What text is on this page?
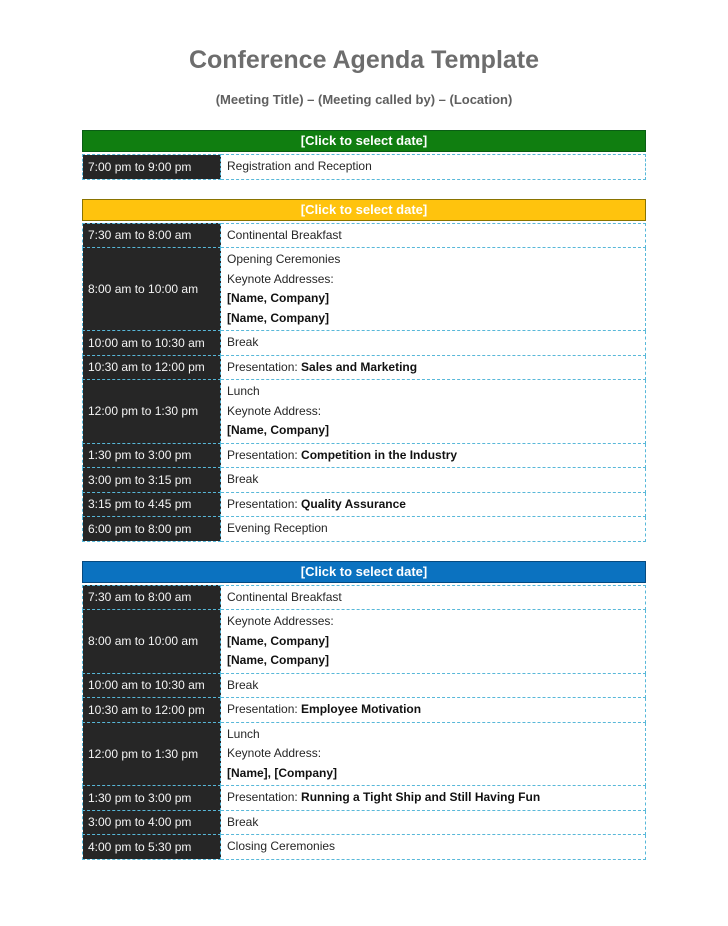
Conference Agenda Template
(Meeting Title) – (Meeting called by) – (Location)
[Click to select date]
7:00 pm to 9:00 pm	Registration and Reception
[Click to select date]
7:30 am to 8:00 am	Continental Breakfast

8:00 am to 10:00 am	Opening Ceremonies
Keynote Addresses:
[Name, Company]
[Name, Company]

10:00 am to 10:30 am	Break

10:30 am to 12:00 pm	Presentation: Sales and Marketing

12:00 pm to 1:30 pm	Lunch
Keynote Address:
[Name, Company]

1:30 pm to 3:00 pm	Presentation: Competition in the Industry

3:00 pm to 3:15 pm	Break

3:15 pm to 4:45 pm	Presentation: Quality Assurance

6:00 pm to 8:00 pm	Evening Reception
[Click to select date]
7:30 am to 8:00 am	Continental Breakfast

8:00 am to 10:00 am	Keynote Addresses:
[Name, Company]
[Name, Company]

10:00 am to 10:30 am	Break

10:30 am to 12:00 pm	Presentation: Employee Motivation

12:00 pm to 1:30 pm	Lunch
Keynote Address:
[Name], [Company]

1:30 pm to 3:00 pm	Presentation: Running a Tight Ship and Still Having Fun

3:00 pm to 4:00 pm	Break

4:00 pm to 5:30 pm	Closing Ceremonies
